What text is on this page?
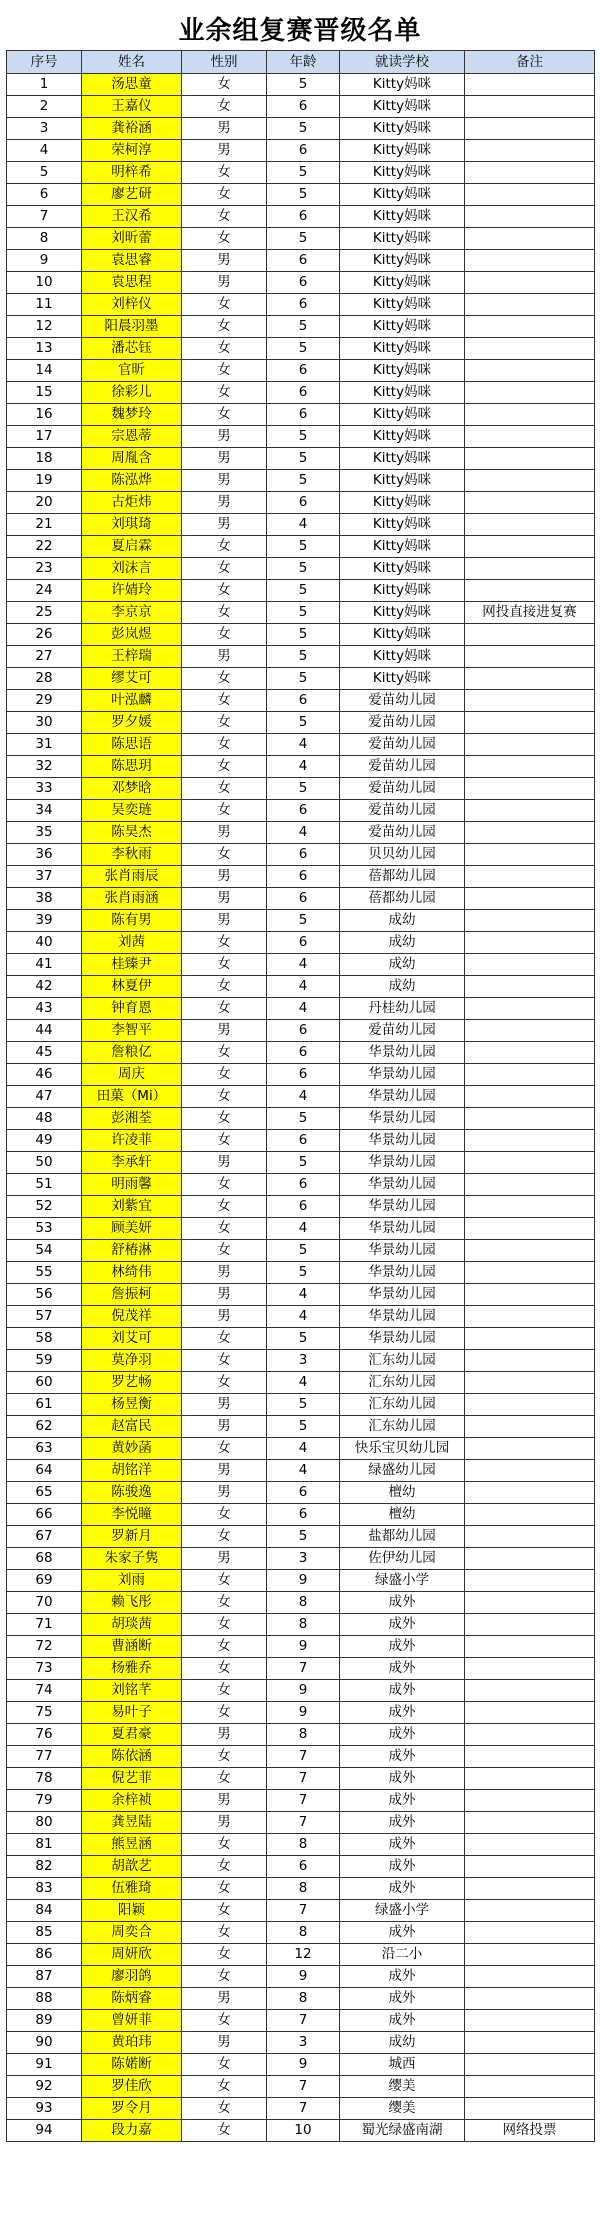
业余组复赛晋级名单
序号	姓名	性别	年龄	就读学校	备注
1	汤思童	女	5	Kitty妈咪	
2	王嘉仪	女	6	Kitty妈咪	
3	龚裕涵	男	5	Kitty妈咪	
4	荣柯淳	男	6	Kitty妈咪	
5	明梓希	女	5	Kitty妈咪	
6	廖艺研	女	5	Kitty妈咪	
7	王汉希	女	6	Kitty妈咪	
8	刘昕蕾	女	5	Kitty妈咪	
9	袁思睿	男	6	Kitty妈咪	
10	袁思程	男	6	Kitty妈咪	
11	刘梓仪	女	6	Kitty妈咪	
12	阳晨羽墨	女	5	Kitty妈咪	
13	潘芯钰	女	5	Kitty妈咪	
14	官昕	女	6	Kitty妈咪	
15	徐彩儿	女	6	Kitty妈咪	
16	魏梦玲	女	6	Kitty妈咪	
17	宗恩蒂	男	5	Kitty妈咪	
18	周胤含	男	5	Kitty妈咪	
19	陈泓烨	男	5	Kitty妈咪	
20	古炬炜	男	6	Kitty妈咪	
21	刘琪琦	男	4	Kitty妈咪	
22	夏启霖	女	5	Kitty妈咪	
23	刘沫言	女	5	Kitty妈咪	
24	许婧玲	女	5	Kitty妈咪	
25	李京京	女	5	Kitty妈咪	网投直接进复赛
26	彭岚煜	女	5	Kitty妈咪	
27	王梓瑞	男	5	Kitty妈咪	
28	缪艾可	女	5	Kitty妈咪	
29	叶泓麟	女	6	爱苗幼儿园	
30	罗夕媛	女	5	爱苗幼儿园	
31	陈思语	女	4	爱苗幼儿园	
32	陈思玥	女	4	爱苗幼儿园	
33	邓梦晗	女	5	爱苗幼儿园	
34	吴奕琏	女	6	爱苗幼儿园	
35	陈昊杰	男	4	爱苗幼儿园	
36	李秋雨	女	6	贝贝幼儿园	
37	张肖雨辰	男	6	蓓都幼儿园	
38	张肖雨涵	男	6	蓓都幼儿园	
39	陈有男	男	5	成幼	
40	刘茜	女	6	成幼	
41	桂臻尹	女	4	成幼	
42	林夏伊	女	4	成幼	
43	钟育恩	女	4	丹桂幼儿园	
44	李智平	男	6	爱苗幼儿园	
45	詹粮亿	女	6	华景幼儿园	
46	周庆	女	6	华景幼儿园	
47	田菓（Mi）	女	4	华景幼儿园	
48	彭湘荃	女	5	华景幼儿园	
49	许凌菲	女	6	华景幼儿园	
50	李承轩	男	5	华景幼儿园	
51	明雨馨	女	6	华景幼儿园	
52	刘紫宜	女	6	华景幼儿园	
53	顾美妍	女	4	华景幼儿园	
54	舒椿淋	女	5	华景幼儿园	
55	林绮伟	男	5	华景幼儿园	
56	詹振柯	男	4	华景幼儿园	
57	倪茂祥	男	4	华景幼儿园	
58	刘艾可	女	5	华景幼儿园	
59	莫净羽	女	3	汇东幼儿园	
60	罗艺畅	女	4	汇东幼儿园	
61	杨昱衡	男	5	汇东幼儿园	
62	赵富民	男	5	汇东幼儿园	
63	黄妙菡	女	4	快乐宝贝幼儿园	
64	胡铭洋	男	4	绿盛幼儿园	
65	陈骏逸	男	6	檀幼	
66	李悦瞳	女	6	檀幼	
67	罗新月	女	5	盐都幼儿园	
68	朱家子隽	男	3	佐伊幼儿园	
69	刘雨	女	9	绿盛小学	
70	赖飞彤	女	8	成外	
71	胡琰茜	女	8	成外	
72	曹涵断	女	9	成外	
73	杨雅乔	女	7	成外	
74	刘铭芊	女	9	成外	
75	易叶子	女	9	成外	
76	夏君豪	男	8	成外	
77	陈依涵	女	7	成外	
78	倪艺菲	女	7	成外	
79	余梓祯	男	7	成外	
80	龚昱陆	男	7	成外	
81	熊昱涵	女	8	成外	
82	胡歆艺	女	6	成外	
83	伍雅琦	女	8	成外	
84	阳颖	女	7	绿盛小学	
85	周奕合	女	8	成外	
86	周妍欣	女	12	沿二小	
87	廖羽鸽	女	9	成外	
88	陈炳睿	男	8	成外	
89	曾妍菲	女	7	成外	
90	黄珀玮	男	3	成幼	
91	陈婼断	女	9	城西	
92	罗佳欣	女	7	缨美	
93	罗令月	女	7	缨美	
94	段力嘉	女	10	蜀光绿盛南湖	网络投票
